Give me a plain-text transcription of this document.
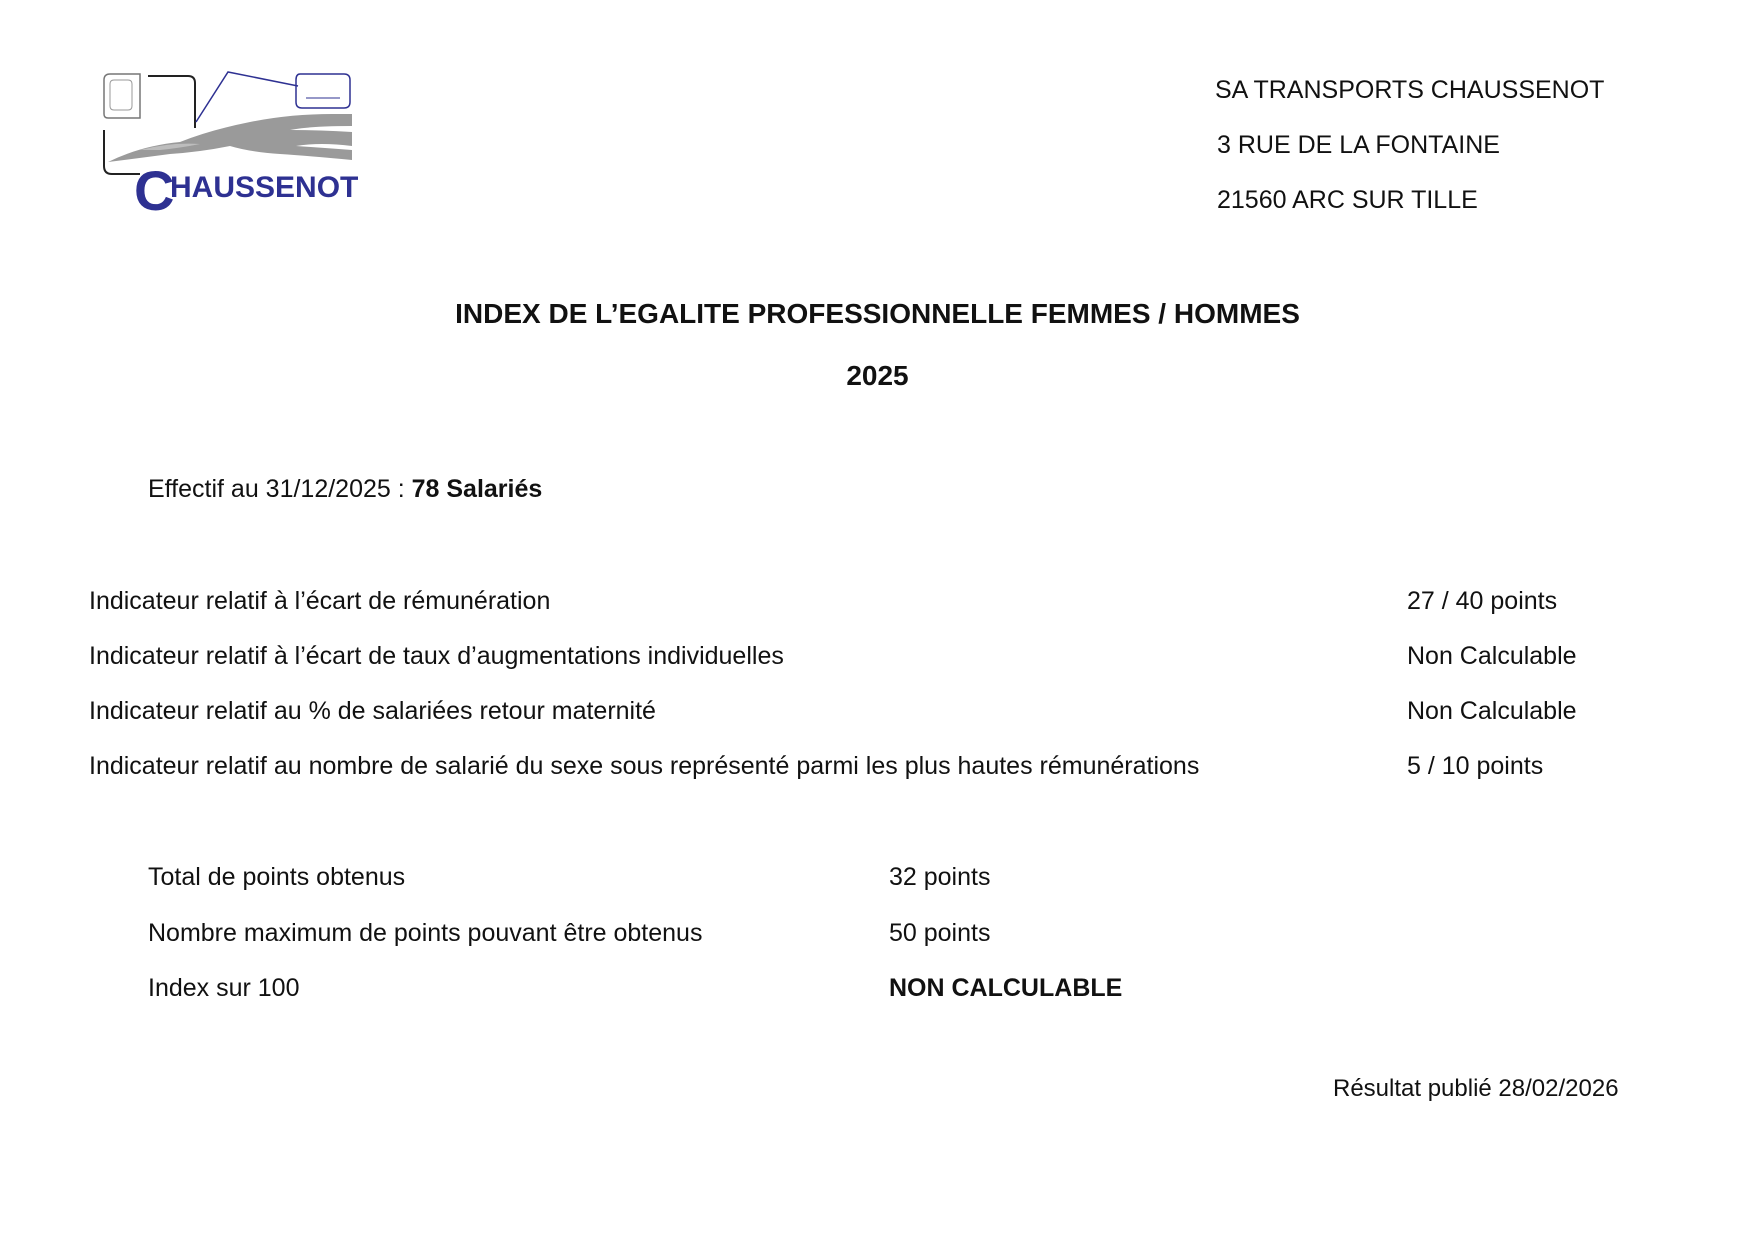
C
HAUSSENOT
SA TRANSPORTS CHAUSSENOT
3 RUE DE LA FONTAINE
21560 ARC SUR TILLE
INDEX DE L’EGALITE PROFESSIONNELLE FEMMES / HOMMES
2025
Effectif au 31/12/2025 : 78 Salariés
Indicateur relatif à l’écart de rémunération	27 / 40 points
Indicateur relatif à l’écart de taux d’augmentations individuelles	Non Calculable
Indicateur relatif au % de salariées retour maternité	Non Calculable
Indicateur relatif au nombre de salarié du sexe sous représenté parmi les plus hautes rémunérations	5 / 10 points
Total de points obtenus	32 points
Nombre maximum de points pouvant être obtenus	50 points
Index sur 100	NON CALCULABLE
Résultat publié 28/02/2026
